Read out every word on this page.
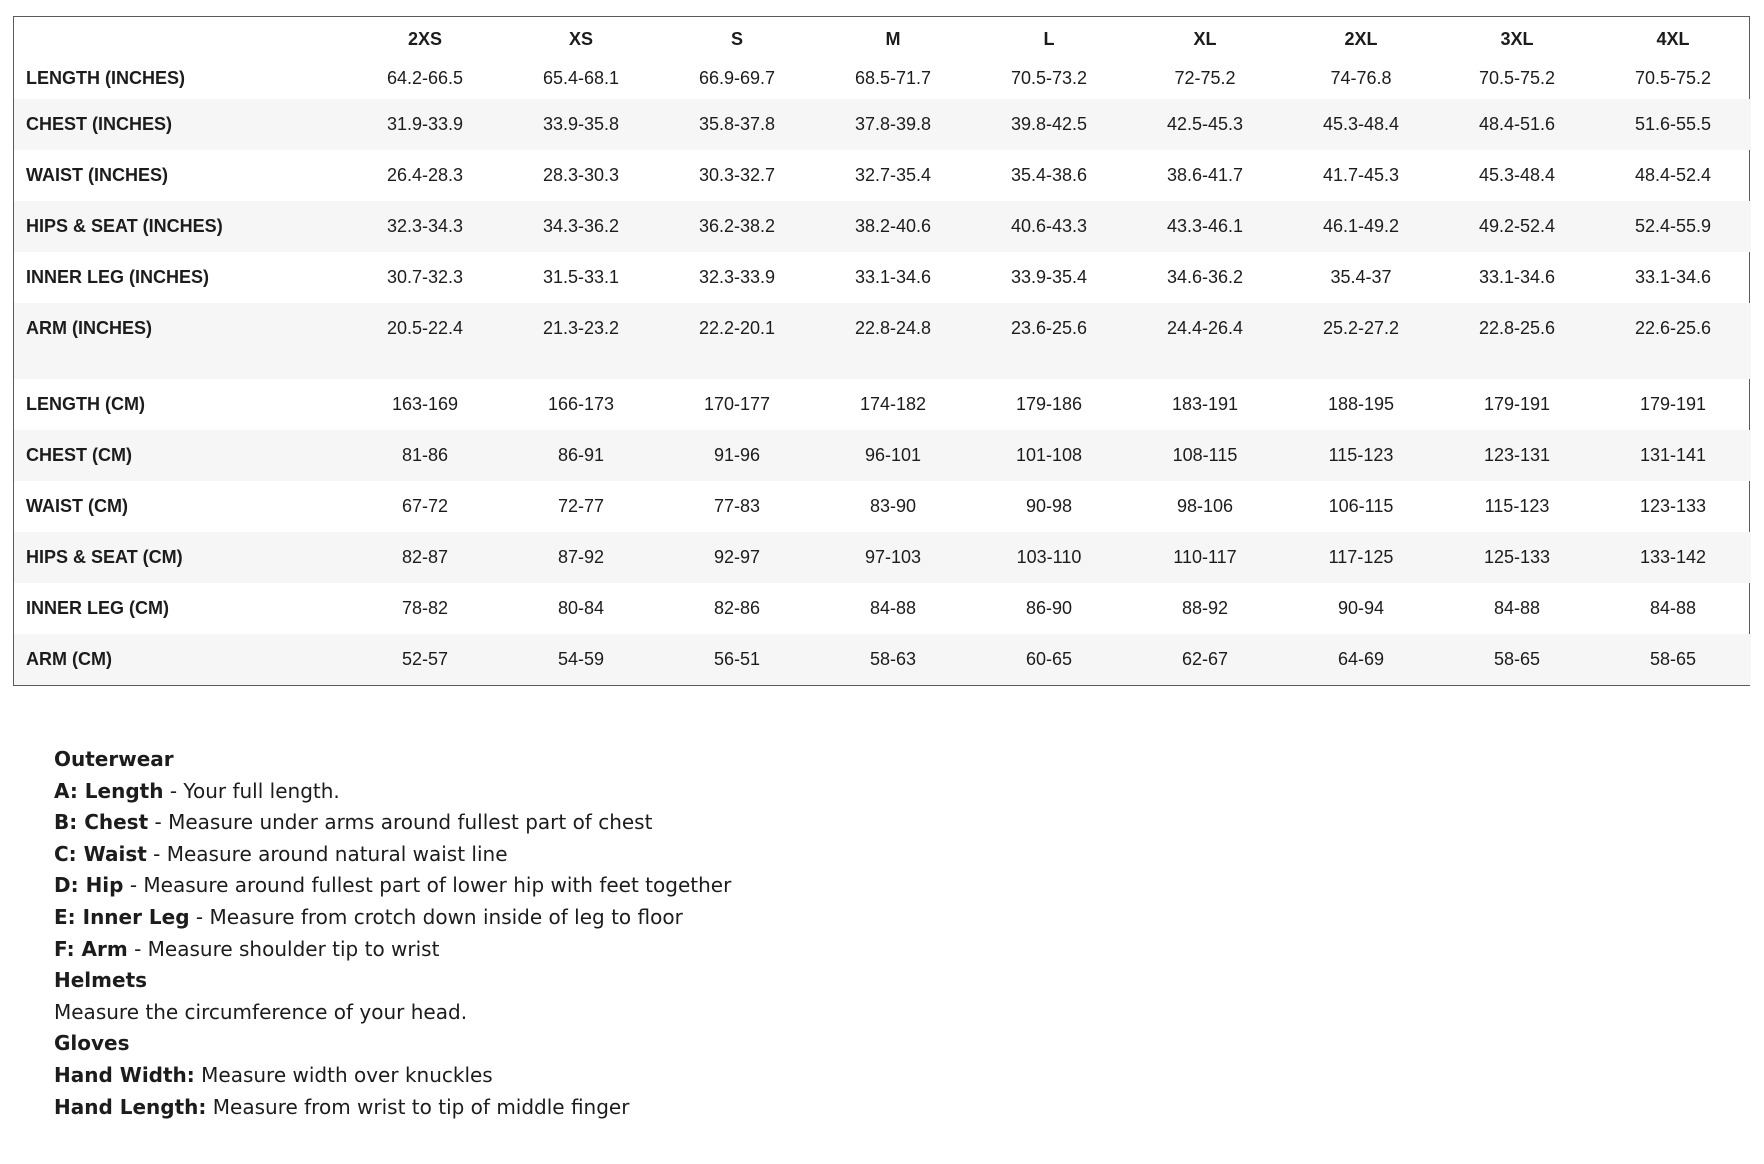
	2XS	XS	S	M	L	XL	2XL	3XL	4XL
LENGTH (INCHES)	64.2-66.5	65.4-68.1	66.9-69.7	68.5-71.7	70.5-73.2	72-75.2	74-76.8	70.5-75.2	70.5-75.2
CHEST (INCHES)	31.9-33.9	33.9-35.8	35.8-37.8	37.8-39.8	39.8-42.5	42.5-45.3	45.3-48.4	48.4-51.6	51.6-55.5
WAIST (INCHES)	26.4-28.3	28.3-30.3	30.3-32.7	32.7-35.4	35.4-38.6	38.6-41.7	41.7-45.3	45.3-48.4	48.4-52.4
HIPS & SEAT (INCHES)	32.3-34.3	34.3-36.2	36.2-38.2	38.2-40.6	40.6-43.3	43.3-46.1	46.1-49.2	49.2-52.4	52.4-55.9
INNER LEG (INCHES)	30.7-32.3	31.5-33.1	32.3-33.9	33.1-34.6	33.9-35.4	34.6-36.2	35.4-37	33.1-34.6	33.1-34.6
ARM (INCHES)	20.5-22.4	21.3-23.2	22.2-20.1	22.8-24.8	23.6-25.6	24.4-26.4	25.2-27.2	22.8-25.6	22.6-25.6

LENGTH (CM)	163-169	166-173	170-177	174-182	179-186	183-191	188-195	179-191	179-191
CHEST (CM)	81-86	86-91	91-96	96-101	101-108	108-115	115-123	123-131	131-141
WAIST (CM)	67-72	72-77	77-83	83-90	90-98	98-106	106-115	115-123	123-133
HIPS & SEAT (CM)	82-87	87-92	92-97	97-103	103-110	110-117	117-125	125-133	133-142
INNER LEG (CM)	78-82	80-84	82-86	84-88	86-90	88-92	90-94	84-88	84-88
ARM (CM)	52-57	54-59	56-51	58-63	60-65	62-67	64-69	58-65	58-65
Outerwear
A: Length - Your full length.
B: Chest - Measure under arms around fullest part of chest
C: Waist - Measure around natural waist line
D: Hip - Measure around fullest part of lower hip with feet together
E: Inner Leg - Measure from crotch down inside of leg to floor
F: Arm - Measure shoulder tip to wrist
Helmets
Measure the circumference of your head.
Gloves
Hand Width: Measure width over knuckles
Hand Length: Measure from wrist to tip of middle finger
